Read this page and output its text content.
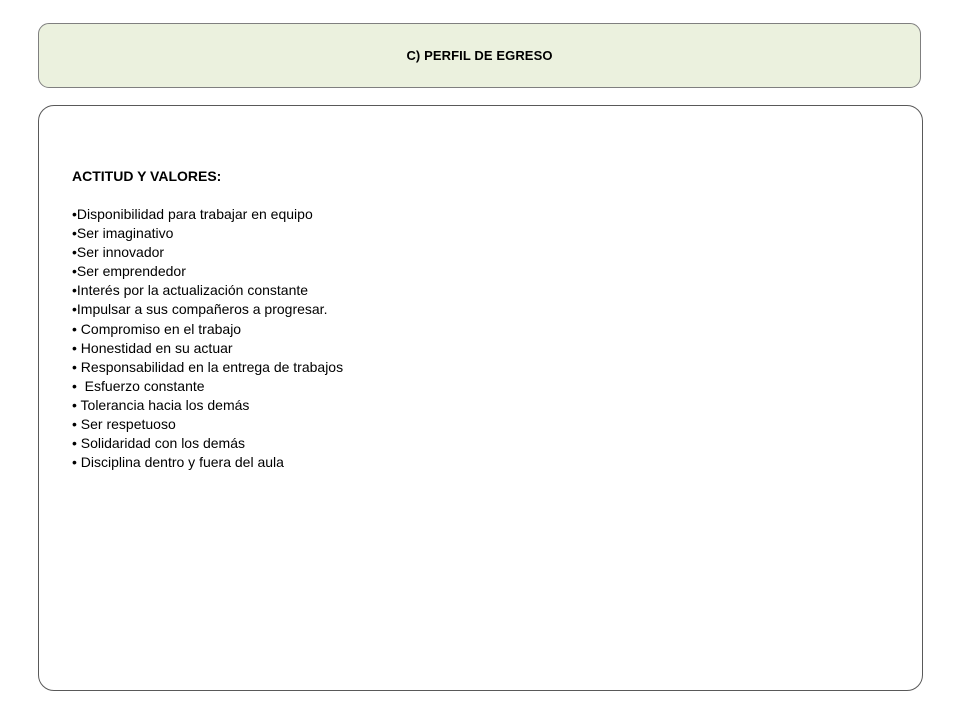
C) PERFIL DE EGRESO

ACTITUD Y VALORES:

•Disponibilidad para trabajar en equipo
•Ser imaginativo
•Ser innovador
•Ser emprendedor
•Interés por la actualización constante
•Impulsar a sus compañeros a progresar.
• Compromiso en el trabajo
• Honestidad en su actuar
• Responsabilidad en la entrega de trabajos
•  Esfuerzo constante
• Tolerancia hacia los demás
• Ser respetuoso
• Solidaridad con los demás
• Disciplina dentro y fuera del aula
